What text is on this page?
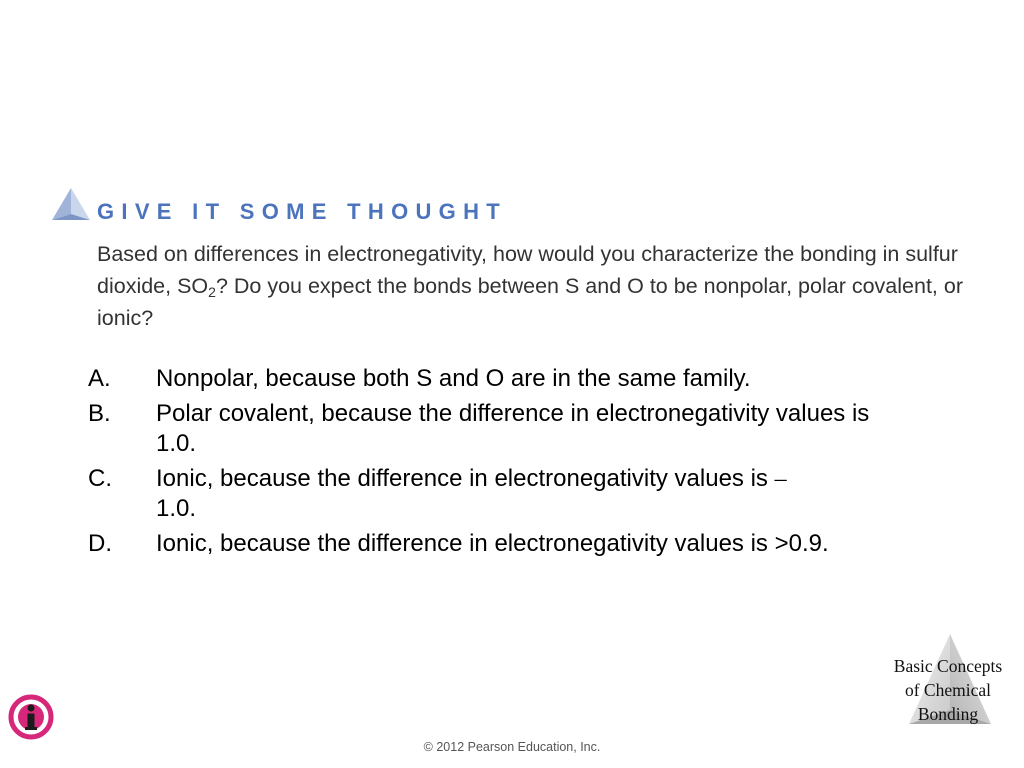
GIVE IT SOME THOUGHT
Based on differences in electronegativity, how would you characterize the bonding in sulfur dioxide, $SO_2$? Do you expect the bonds between S and O to be nonpolar, polar covalent, or ionic?
A. Nonpolar, because both S and O are in the same family.
B. Polar covalent, because the difference in electronegativity values is 1.0.
C. Ionic, because the difference in electronegativity values is –
1.0.
D. Ionic, because the difference in electronegativity values is >0.9.
Basic Concepts
of Chemical
Bonding
© 2012 Pearson Education, Inc.
